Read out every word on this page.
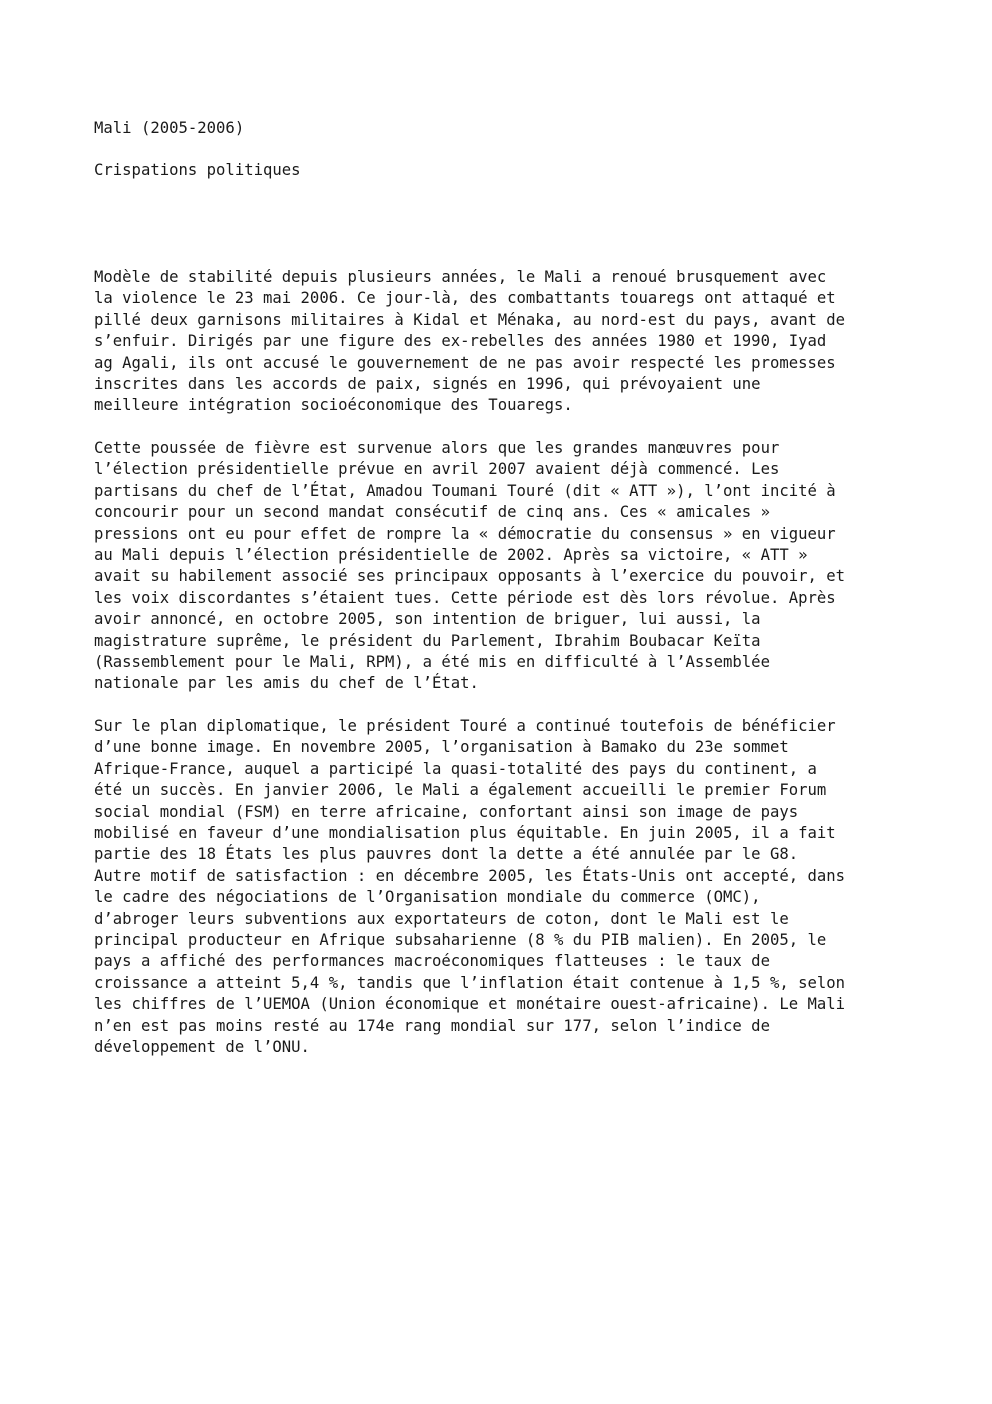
Mali (2005-2006)

Crispations politiques

Modèle de stabilité depuis plusieurs années, le Mali a renoué brusquement avec
la violence le 23 mai 2006. Ce jour-là, des combattants touaregs ont attaqué et
pillé deux garnisons militaires à Kidal et Ménaka, au nord-est du pays, avant de
s’enfuir. Dirigés par une figure des ex-rebelles des années 1980 et 1990, Iyad
ag Agali, ils ont accusé le gouvernement de ne pas avoir respecté les promesses
inscrites dans les accords de paix, signés en 1996, qui prévoyaient une
meilleure intégration socioéconomique des Touaregs.
Cette poussée de fièvre est survenue alors que les grandes manœuvres pour
l’élection présidentielle prévue en avril 2007 avaient déjà commencé. Les
partisans du chef de l’État, Amadou Toumani Touré (dit « ATT »), l’ont incité à
concourir pour un second mandat consécutif de cinq ans. Ces « amicales »
pressions ont eu pour effet de rompre la « démocratie du consensus » en vigueur
au Mali depuis l’élection présidentielle de 2002. Après sa victoire, « ATT »
avait su habilement associé ses principaux opposants à l’exercice du pouvoir, et
les voix discordantes s’étaient tues. Cette période est dès lors révolue. Après
avoir annoncé, en octobre 2005, son intention de briguer, lui aussi, la
magistrature suprême, le président du Parlement, Ibrahim Boubacar Keïta
(Rassemblement pour le Mali, RPM), a été mis en difficulté à l’Assemblée
nationale par les amis du chef de l’État.
Sur le plan diplomatique, le président Touré a continué toutefois de bénéficier
d’une bonne image. En novembre 2005, l’organisation à Bamako du 23e sommet
Afrique-France, auquel a participé la quasi-totalité des pays du continent, a
été un succès. En janvier 2006, le Mali a également accueilli le premier Forum
social mondial (FSM) en terre africaine, confortant ainsi son image de pays
mobilisé en faveur d’une mondialisation plus équitable. En juin 2005, il a fait
partie des 18 États les plus pauvres dont la dette a été annulée par le G8.
Autre motif de satisfaction : en décembre 2005, les États-Unis ont accepté, dans
le cadre des négociations de l’Organisation mondiale du commerce (OMC),
d’abroger leurs subventions aux exportateurs de coton, dont le Mali est le
principal producteur en Afrique subsaharienne (8 % du PIB malien). En 2005, le
pays a affiché des performances macroéconomiques flatteuses : le taux de
croissance a atteint 5,4 %, tandis que l’inflation était contenue à 1,5 %, selon
les chiffres de l’UEMOA (Union économique et monétaire ouest-africaine). Le Mali
n’en est pas moins resté au 174e rang mondial sur 177, selon l’indice de
développement de l’ONU.
